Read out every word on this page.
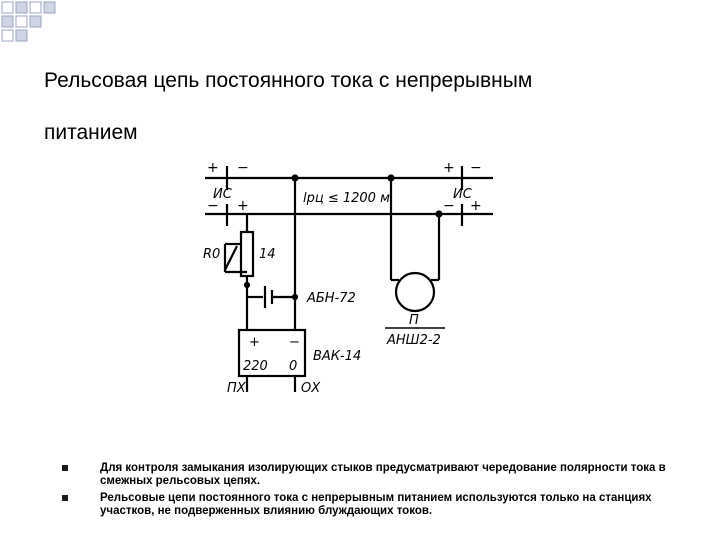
Рельсовая цепь постоянного тока с непрерывным
питанием
+ −
− +
+ −
− +
ИС	ИС
lрц ≤ 1200 м
R0	14
АБН-72
П
АНШ2-2
ВАК-14
+ −
220 0
ПХ	ОХ
Для контроля замыкания изолирующих стыков предусматривают чередование полярности тока в смежных рельсовых цепях.
Рельсовые цепи постоянного тока с непрерывным питанием используются только на станциях участков, не подверженных влиянию блуждающих токов.
